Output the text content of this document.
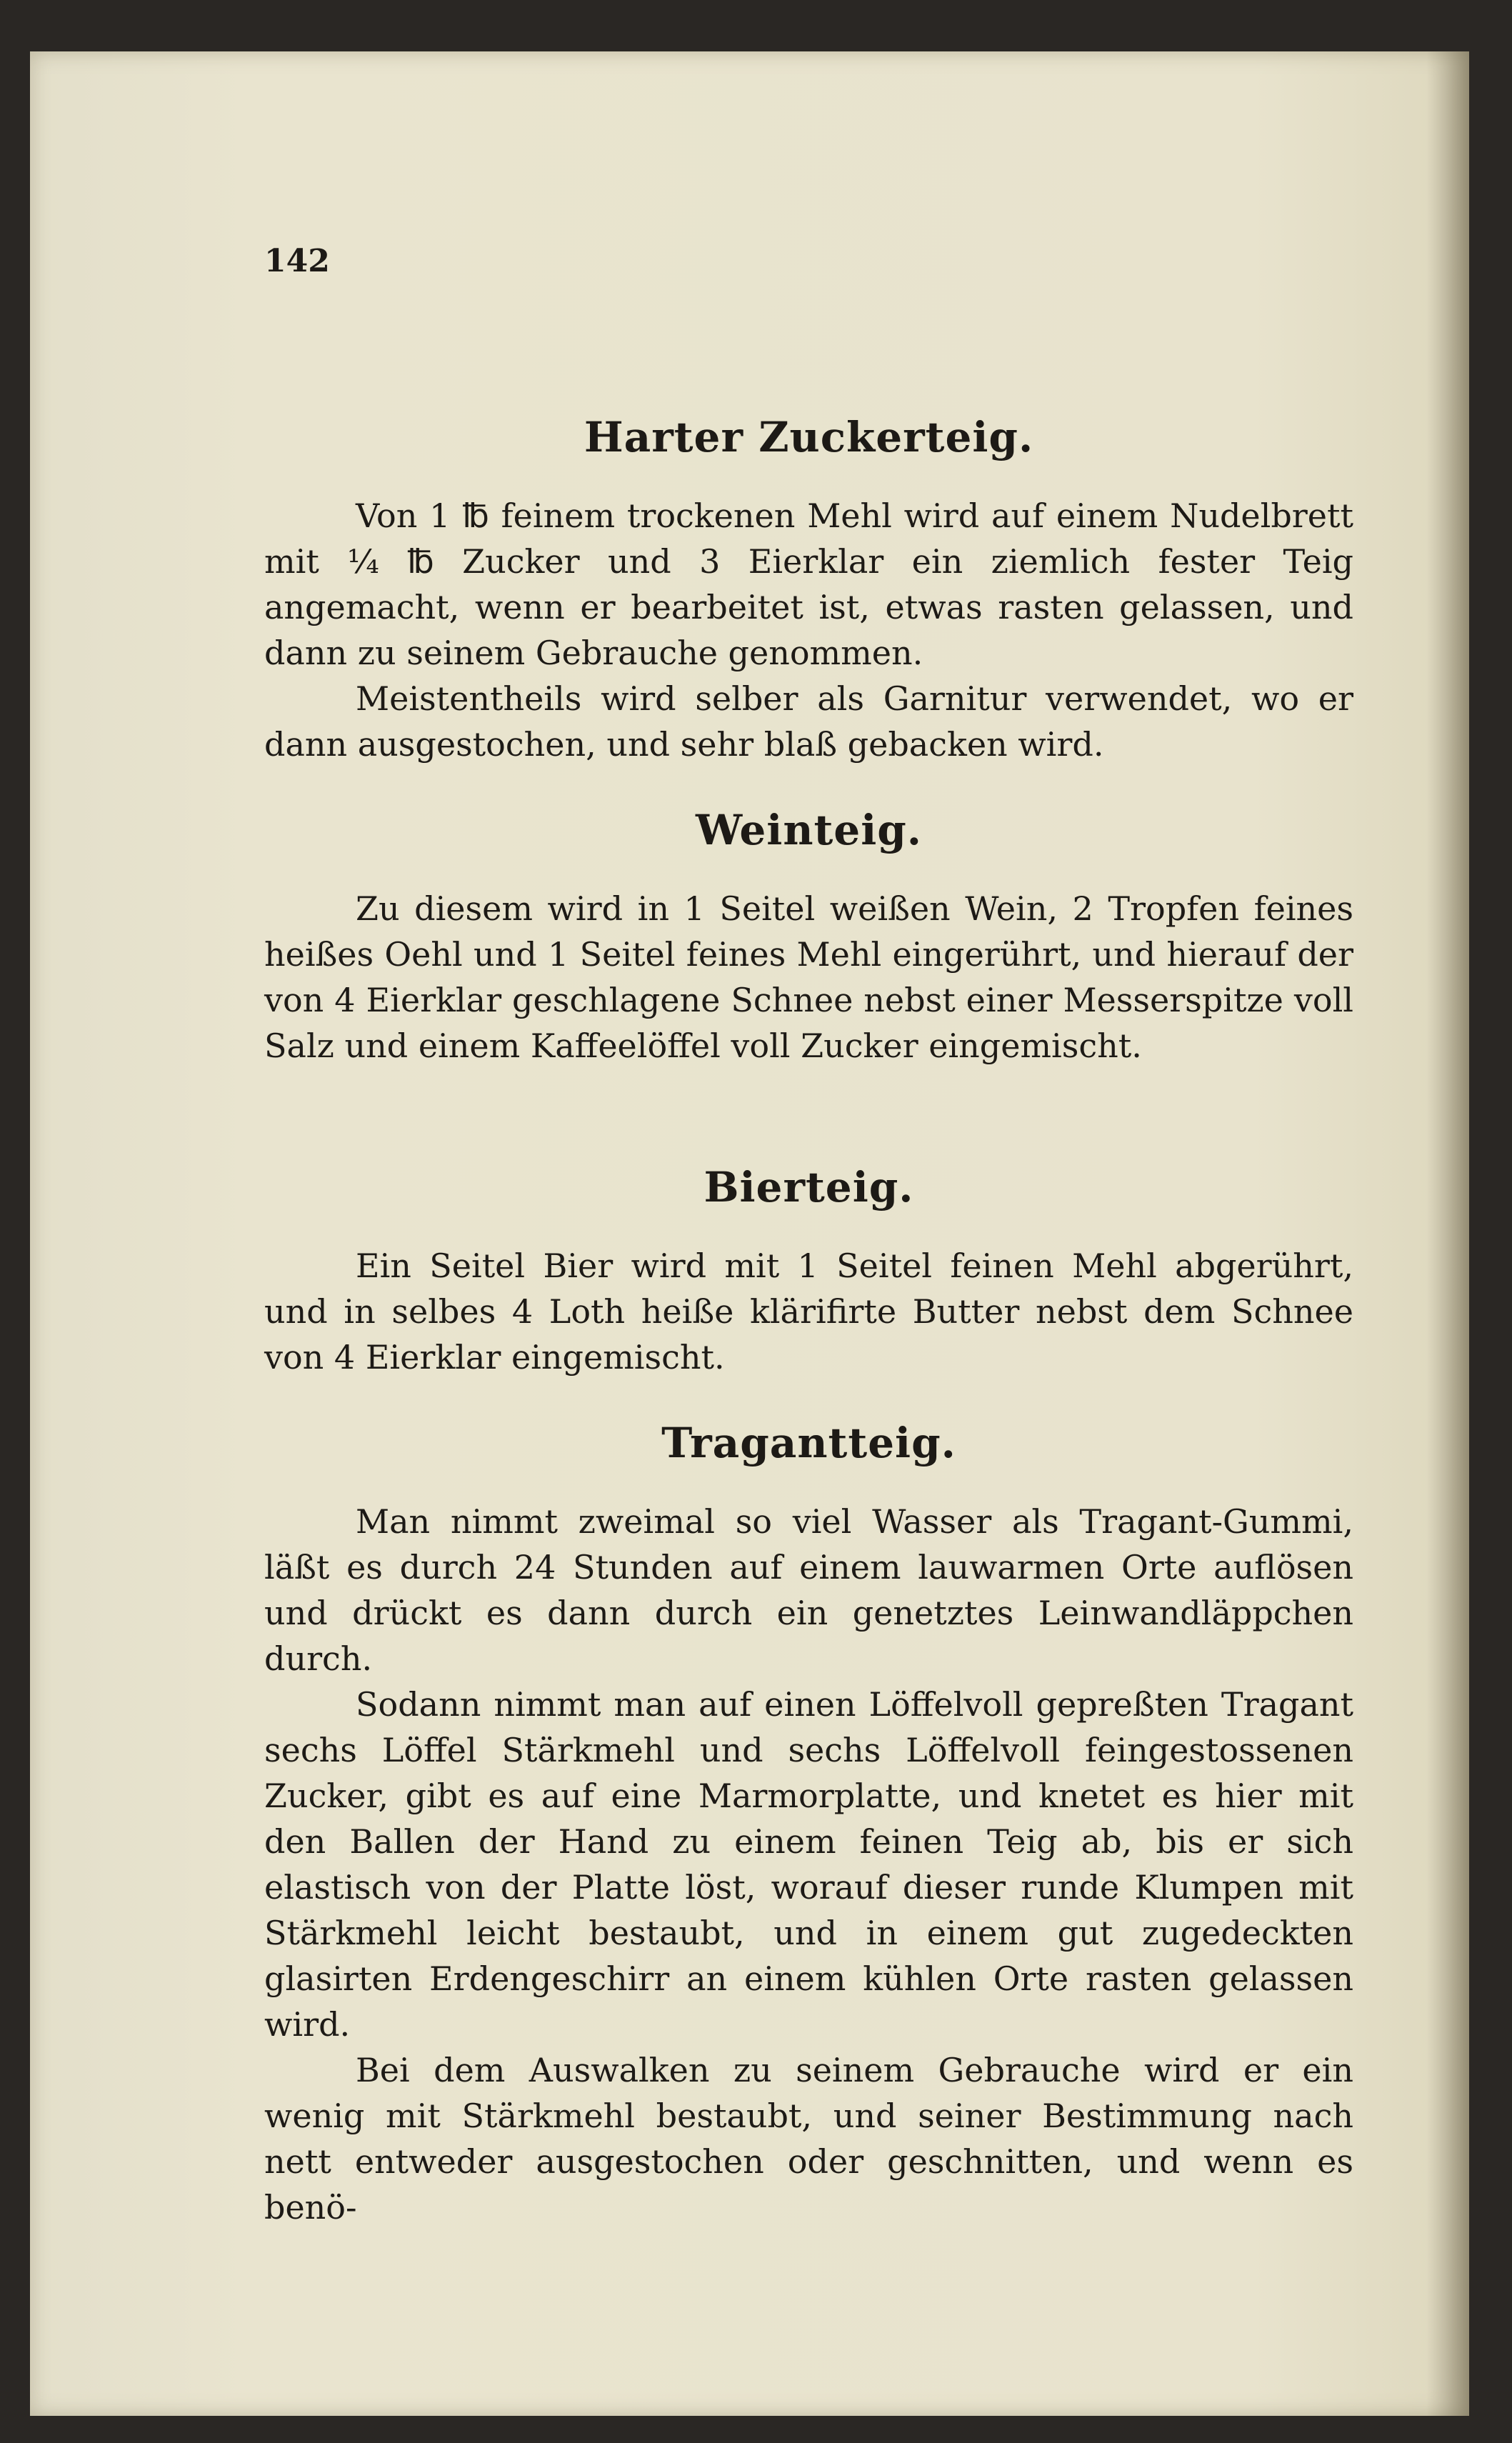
142
Harter Zuckerteig.

Von 1 ℔ feinem trockenen Mehl wird auf einem Nudelbrett mit ¼ ℔ Zucker und 3 Eierklar ein ziemlich fester Teig angemacht, wenn er bearbeitet ist, etwas rasten gelassen, und dann zu seinem Gebrauche genommen.

Meistentheils wird selber als Garnitur verwendet, wo er dann ausgestochen, und sehr blaß gebacken wird.

Weinteig.

Zu diesem wird in 1 Seitel weißen Wein, 2 Tropfen feines heißes Oehl und 1 Seitel feines Mehl eingerührt, und hierauf der von 4 Eierklar geschlagene Schnee nebst einer Messerspitze voll Salz und einem Kaffeelöffel voll Zucker eingemischt.

Bierteig.

Ein Seitel Bier wird mit 1 Seitel feinen Mehl abgerührt, und in selbes 4 Loth heiße klärifirte Butter nebst dem Schnee von 4 Eierklar eingemischt.

Tragantteig.

Man nimmt zweimal so viel Wasser als Tragant-Gummi, läßt es durch 24 Stunden auf einem lauwarmen Orte auflösen und drückt es dann durch ein genetztes Leinwandläppchen durch.

Sodann nimmt man auf einen Löffelvoll gepreßten Tragant sechs Löffel Stärkmehl und sechs Löffelvoll feingestossenen Zucker, gibt es auf eine Marmorplatte, und knetet es hier mit den Ballen der Hand zu einem feinen Teig ab, bis er sich elastisch von der Platte löst, worauf dieser runde Klumpen mit Stärkmehl leicht bestaubt, und in einem gut zugedeckten glasirten Erdengeschirr an einem kühlen Orte rasten gelassen wird.

Bei dem Auswalken zu seinem Gebrauche wird er ein wenig mit Stärkmehl bestaubt, und seiner Bestimmung nach nett entweder ausgestochen oder geschnitten, und wenn es benö-
